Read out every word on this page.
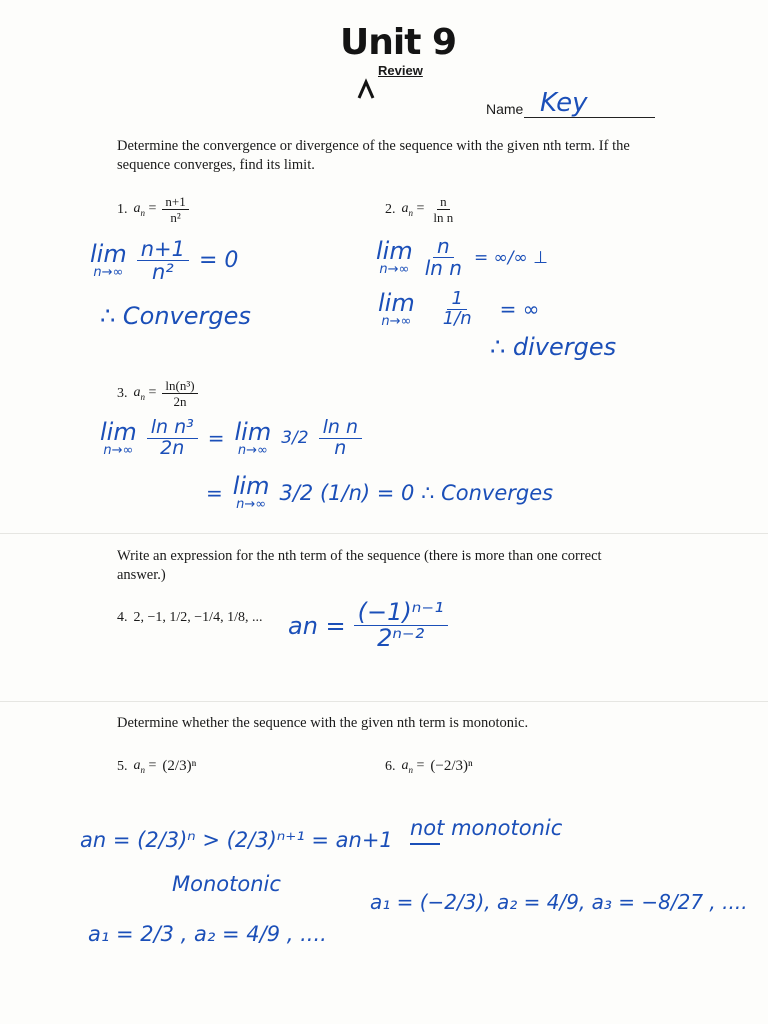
Unit 9
Review
Name Key
Determine the convergence or divergence of the sequence with the given nth term. If the sequence converges, find its limit.
1. $a_n = \frac{n+1}{\text{n²}}$	2. $a_n = \frac{n}{\text{ln n}}$
lim
$n\to\infty \frac{n+1}{\text{n²}} = 0$
∴ Converges
lim
$n\to\infty \frac{n}{\text{ln n}}$ = ∞/∞ ⊥
lim
$n\to\infty \frac{1}{1/n}$ = ∞
∴ diverges
3. $a_n = \frac{\text{ln(n³)}}{2n}$
lim
$n\to\infty \frac{\text{ln n³}}{2n} = \lim$
n→∞
$3/2 \frac{\text{ln n}}{n}$
= lim
n→∞ 3/2 (1/n) = 0 ∴ Converges
Write an expression for the nth term of the sequence (there is more than one correct answer.)
4. 2, −1, 1/2, −1/4, 1/8, ... an = $\frac{\text{(−1)ⁿ⁻¹}}{\text{2ⁿ⁻²}}$
Determine whether the sequence with the given nth term is monotonic.
5. $a_n = (2/3)^n$	6. $a_n = (-2/3)^n$
an = (2/3)ⁿ > (2/3)ⁿ⁺¹ = an+1
Monotonic
a₁ = 2/3 , a₂ = 4/9 , ....
not monotonic
a₁ = (−2/3), a₂ = 4/9, a₃ = −8/27 , ....
